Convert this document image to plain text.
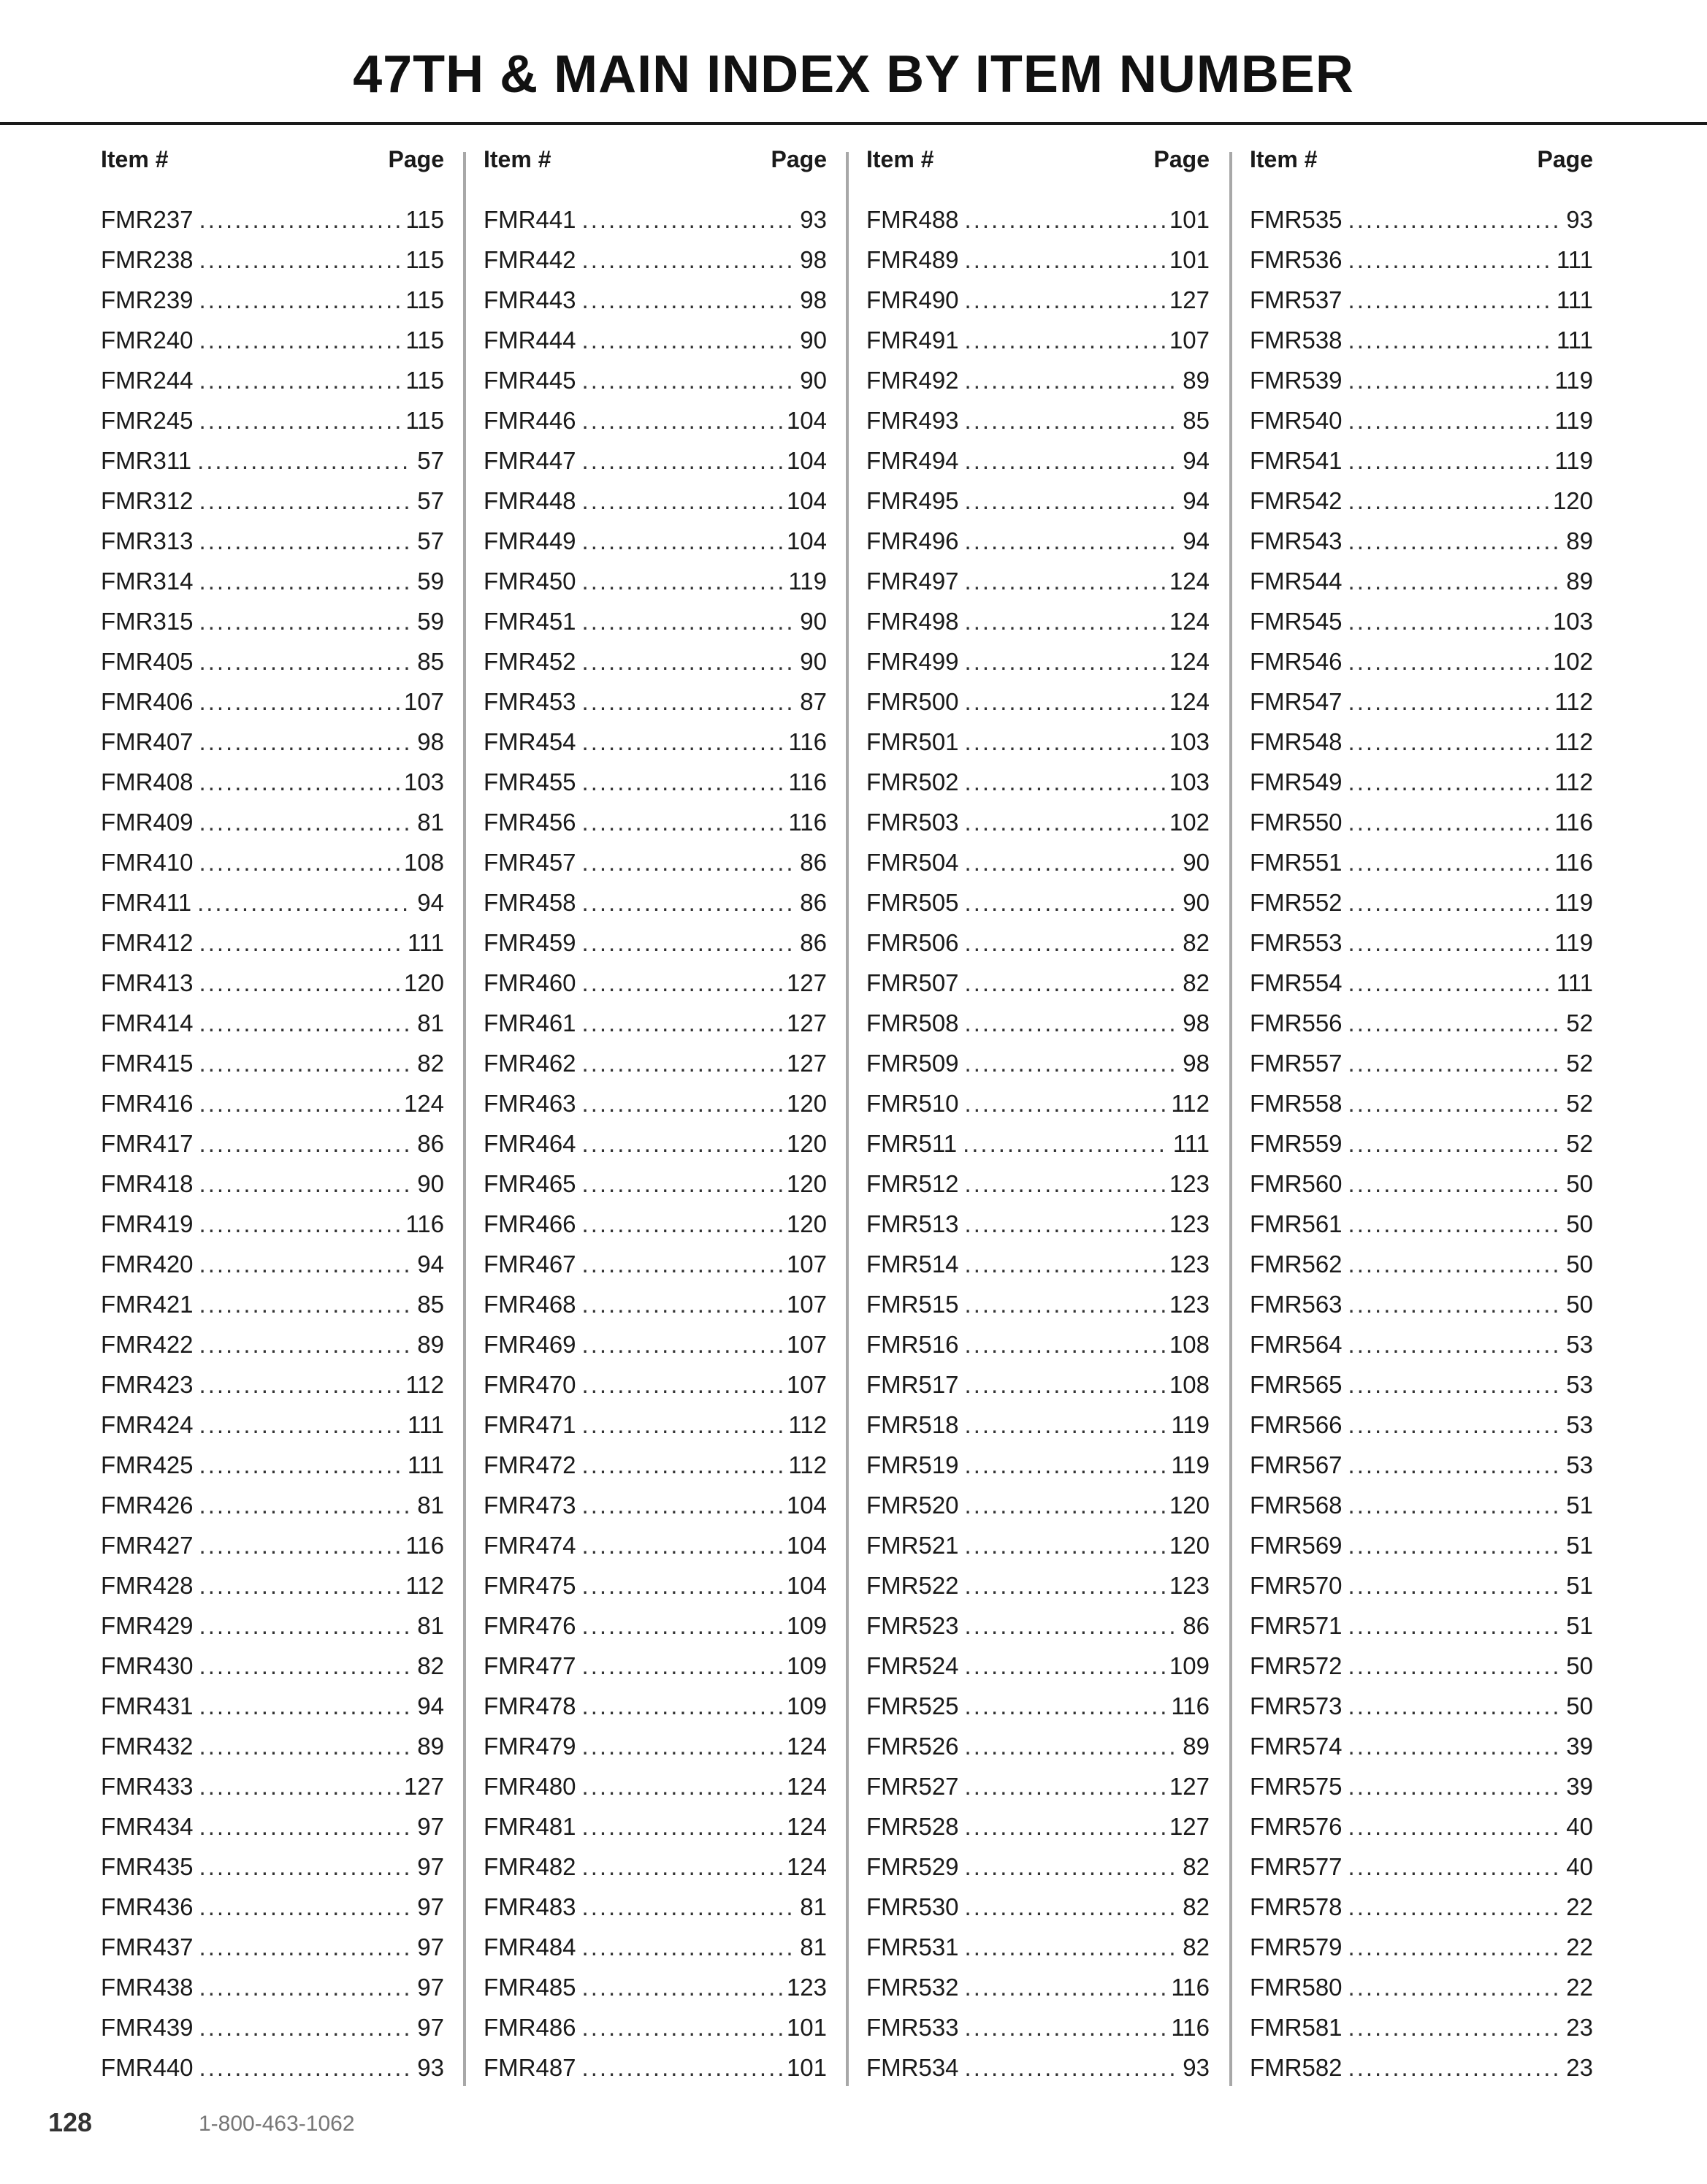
47TH & MAIN INDEX BY ITEM NUMBER
Item #	Page
FMR237 .....	115
FMR238 .....	115
FMR239 .....	115
FMR240 .....	115
FMR244 .....	115
FMR245 .....	115
FMR311 .....	57
FMR312 .....	57
FMR313 .....	57
FMR314 .....	59
FMR315 .....	59
FMR405 .....	85
FMR406 .....	107
FMR407 .....	98
FMR408 .....	103
FMR409 .....	81
FMR410 .....	108
FMR411 .....	94
FMR412 .....	111
FMR413 .....	120
FMR414 .....	81
FMR415 .....	82
FMR416 .....	124
FMR417 .....	86
FMR418 .....	90
FMR419 .....	116
FMR420 .....	94
FMR421 .....	85
FMR422 .....	89
FMR423 .....	112
FMR424 .....	111
FMR425 .....	111
FMR426 .....	81
FMR427 .....	116
FMR428 .....	112
FMR429 .....	81
FMR430 .....	82
FMR431 .....	94
FMR432 .....	89
FMR433 .....	127
FMR434 .....	97
FMR435 .....	97
FMR436 .....	97
FMR437 .....	97
FMR438 .....	97
FMR439 .....	97
FMR440 .....	93
Item #	Page
FMR441 .....	93
FMR442 .....	98
FMR443 .....	98
FMR444 .....	90
FMR445 .....	90
FMR446 .....	104
FMR447 .....	104
FMR448 .....	104
FMR449 .....	104
FMR450 .....	119
FMR451 .....	90
FMR452 .....	90
FMR453 .....	87
FMR454 .....	116
FMR455 .....	116
FMR456 .....	116
FMR457 .....	86
FMR458 .....	86
FMR459 .....	86
FMR460 .....	127
FMR461 .....	127
FMR462 .....	127
FMR463 .....	120
FMR464 .....	120
FMR465 .....	120
FMR466 .....	120
FMR467 .....	107
FMR468 .....	107
FMR469 .....	107
FMR470 .....	107
FMR471 .....	112
FMR472 .....	112
FMR473 .....	104
FMR474 .....	104
FMR475 .....	104
FMR476 .....	109
FMR477 .....	109
FMR478 .....	109
FMR479 .....	124
FMR480 .....	124
FMR481 .....	124
FMR482 .....	124
FMR483 .....	81
FMR484 .....	81
FMR485 .....	123
FMR486 .....	101
FMR487 .....	101
Item #	Page
FMR488 .....	101
FMR489 .....	101
FMR490 .....	127
FMR491 .....	107
FMR492 .....	89
FMR493 .....	85
FMR494 .....	94
FMR495 .....	94
FMR496 .....	94
FMR497 .....	124
FMR498 .....	124
FMR499 .....	124
FMR500 .....	124
FMR501 .....	103
FMR502 .....	103
FMR503 .....	102
FMR504 .....	90
FMR505 .....	90
FMR506 .....	82
FMR507 .....	82
FMR508 .....	98
FMR509 .....	98
FMR510 .....	112
FMR511 .....	111
FMR512 .....	123
FMR513 .....	123
FMR514 .....	123
FMR515 .....	123
FMR516 .....	108
FMR517 .....	108
FMR518 .....	119
FMR519 .....	119
FMR520 .....	120
FMR521 .....	120
FMR522 .....	123
FMR523 .....	86
FMR524 .....	109
FMR525 .....	116
FMR526 .....	89
FMR527 .....	127
FMR528 .....	127
FMR529 .....	82
FMR530 .....	82
FMR531 .....	82
FMR532 .....	116
FMR533 .....	116
FMR534 .....	93
Item #	Page
FMR535 .....	93
FMR536 .....	111
FMR537 .....	111
FMR538 .....	111
FMR539 .....	119
FMR540 .....	119
FMR541 .....	119
FMR542 .....	120
FMR543 .....	89
FMR544 .....	89
FMR545 .....	103
FMR546 .....	102
FMR547 .....	112
FMR548 .....	112
FMR549 .....	112
FMR550 .....	116
FMR551 .....	116
FMR552 .....	119
FMR553 .....	119
FMR554 .....	111
FMR556 .....	52
FMR557 .....	52
FMR558 .....	52
FMR559 .....	52
FMR560 .....	50
FMR561 .....	50
FMR562 .....	50
FMR563 .....	50
FMR564 .....	53
FMR565 .....	53
FMR566 .....	53
FMR567 .....	53
FMR568 .....	51
FMR569 .....	51
FMR570 .....	51
FMR571 .....	51
FMR572 .....	50
FMR573 .....	50
FMR574 .....	39
FMR575 .....	39
FMR576 .....	40
FMR577 .....	40
FMR578 .....	22
FMR579 .....	22
FMR580 .....	22
FMR581 .....	23
FMR582 .....	23
128	1-800-463-1062
